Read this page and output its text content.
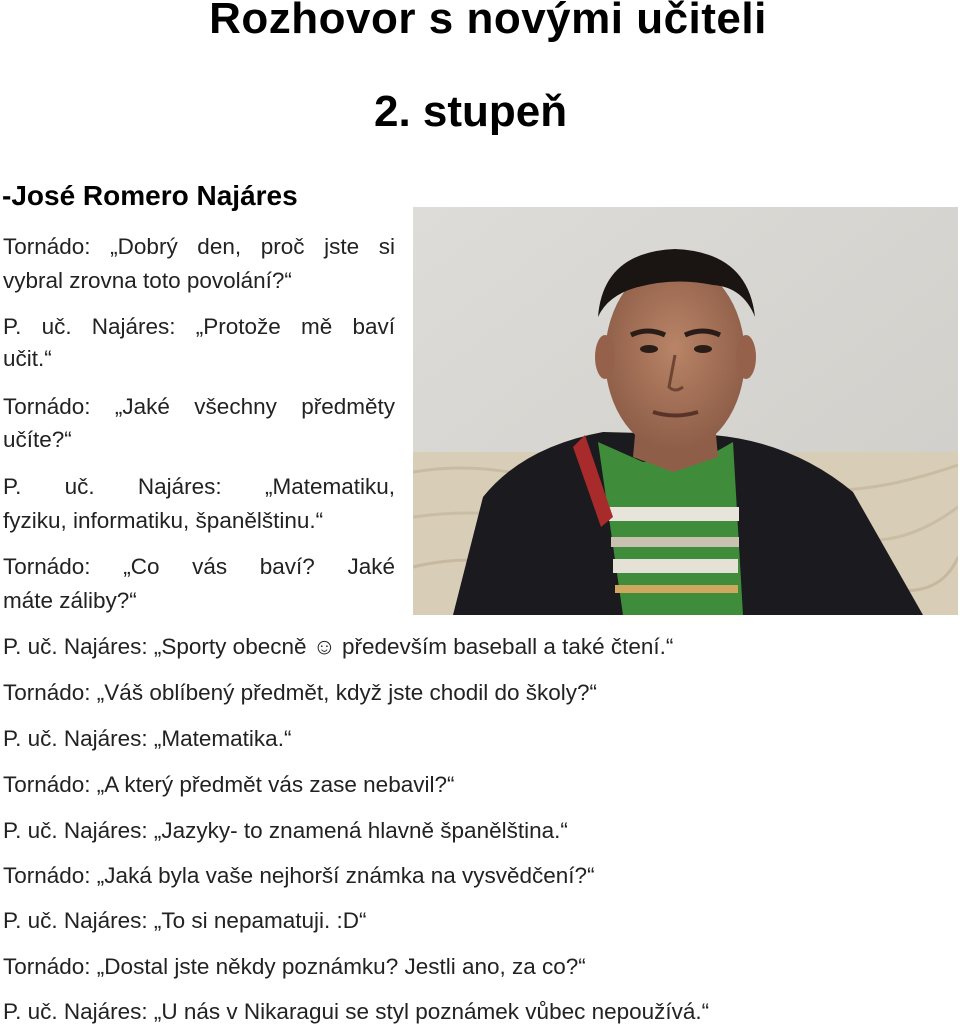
Rozhovor s novými učiteli
2. stupeň
-José Romero Najáres
Tornádo: „Dobrý den, proč jste si
vybral zrovna toto povolání?“
P. uč. Najáres: „Protože mě baví
učit.“
Tornádo: „Jaké všechny předměty
učíte?“
P. uč. Najáres: „Matematiku,
fyziku, informatiku, španělštinu.“
Tornádo: „Co vás baví? Jaké
máte záliby?“
P. uč. Najáres: „Sporty obecně ☺ především baseball a také čtení.“
Tornádo: „Váš oblíbený předmět, když jste chodil do školy?“
P. uč. Najáres: „Matematika.“
Tornádo: „A který předmět vás zase nebavil?“
P. uč. Najáres: „Jazyky- to znamená hlavně španělština.“
Tornádo: „Jaká byla vaše nejhorší známka na vysvědčení?“
P. uč. Najáres: „To si nepamatuji. :D“
Tornádo: „Dostal jste někdy poznámku? Jestli ano, za co?“
P. uč. Najáres: „U nás v Nikaragui se styl poznámek vůbec nepoužívá.“
